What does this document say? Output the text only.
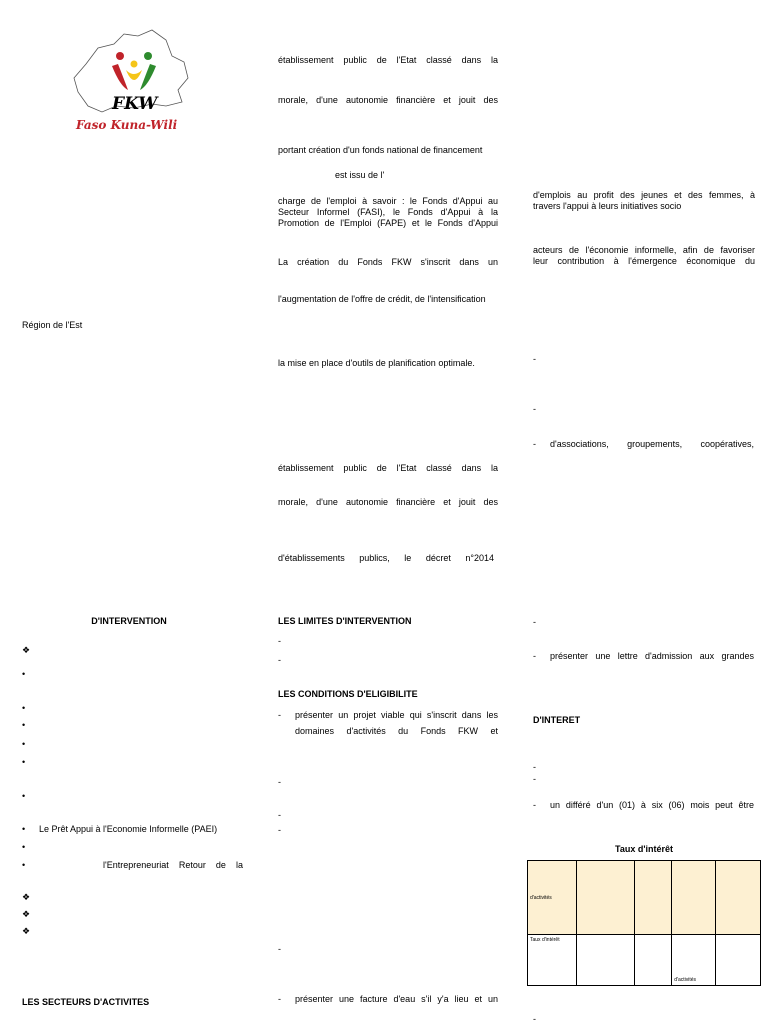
FKW
Faso Kuna-Wili
Région de l'Est
D'INTERVENTION
❖
•
•
•
•
•
•
• Le Prêt Appui à l'Economie Informelle (PAEI)
•
•	l'Entrepreneuriat Retour de la
❖
❖
❖
LES SECTEURS D'ACTIVITES
établissement public de l'Etat classé dans la
morale, d'une autonomie financière et jouit des
portant création d'un fonds national de financement
est issu de l'
charge de l'emploi à savoir : le Fonds d'Appui au
Secteur Informel (FASI), le Fonds d'Appui à la
Promotion de l'Emploi (FAPE) et le Fonds d'Appui
La création du Fonds FKW s'inscrit dans un
l'augmentation de l'offre de crédit, de l'intensification
la mise en place d'outils de planification optimale.
établissement public de l'Etat classé dans la
morale, d'une autonomie financière et jouit des
d'établissements publics, le décret n°2014
LES LIMITES D'INTERVENTION
-
-
LES CONDITIONS D'ELIGIBILITE
- présenter un projet viable qui s'inscrit dans les
domaines d'activités du Fonds FKW et
-
-
-
-
- présenter une facture d'eau s'il y'a lieu et un
d'emplois au profit des jeunes et des femmes, à
travers l'appui à leurs initiatives socio
acteurs de l'économie informelle, afin de favoriser
leur contribution à l'émergence économique du
-
-
- d'associations, groupements, coopératives,
-
- présenter une lettre d'admission aux grandes
D'INTERET
-
-
- un différé d'un (01) à six (06) mois peut être
Taux d'intérêt
d'activités				
Taux d'intérêt			d'activités	
-
